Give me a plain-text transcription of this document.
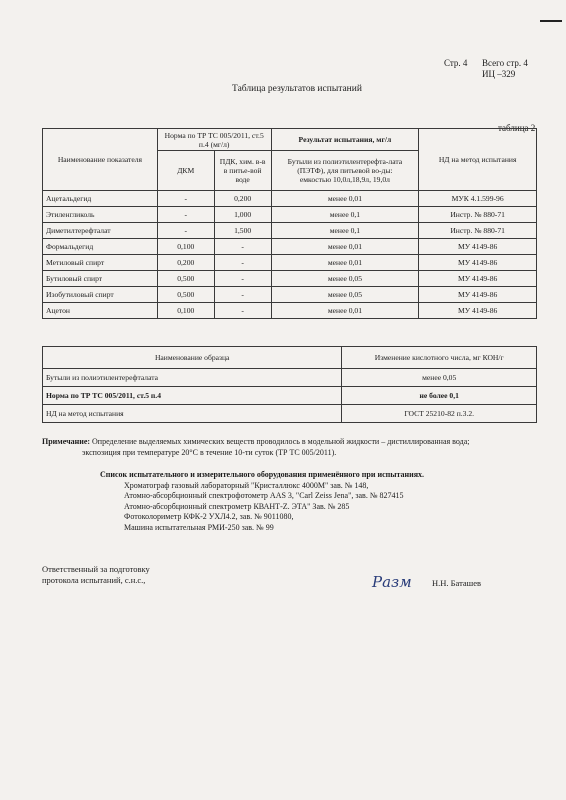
Стр. 4 Всего стр. 4
ИЦ –329
Таблица результатов испытаний
таблица 2
Наименование показателя	Норма по ТР ТС 005/2011, ст.5 п.4 (мг/л)		Результат испытания, мг/л	НД на метод испытания
	ДКМ	ПДК, хим. в-в в питье-вой воде	Бутыли из полиэтилентерефта-лата (ПЭТФ), для питьевой во-ды:
емкостью 10,0л,18,9л, 19,0л	
Ацетальдегид	-	0,200	менее 0,01	МУК 4.1.599-96
Этиленгликоль	-	1,000	менее 0,1	Инстр. № 880-71
Диметилтерефталат	-	1,500	менее 0,1	Инстр. № 880-71
Формальдегид	0,100	-	менее 0,01	МУ 4149-86
Метиловый спирт	0,200	-	менее 0,01	МУ 4149-86
Бутиловый спирт	0,500	-	менее 0,05	МУ 4149-86
Изобутиловый спирт	0,500	-	менее 0,05	МУ 4149-86
Ацетон	0,100	-	менее 0,01	МУ 4149-86
Наименование образца	Изменение кислотного числа, мг КОН/г
Бутыли из полиэтилентерефталата	менее 0,05
Норма по ТР ТС 005/2011, ст.5 п.4	не более 0,1
НД на метод испытания	ГОСТ 25210-82 п.3.2.
Примечание: Определение выделяемых химических веществ проводилось в модельной жидкости – дистиллированная вода;
экспозиция при температуре 20°С в течение 10-ти суток (ТР ТС 005/2011).
Список испытательного и измерительного оборудования применённого при испытаниях.
Хроматограф газовый лабораторный "Кристаллюкс 4000М" зав. № 148,
Атомно-абсорбционный спектрофотометр AAS 3, "Carl Zeiss Jena", зав. № 827415
Атомно-абсорбционный спектрометр КВАНТ-Z. ЭТА" Зав. № 285
Фотоколориметр КФК-2 УХЛ4.2, зав. № 9011080,
Машина испытательная РМИ-250 зав. № 99
Ответственный за подготовку
протокола испытаний, с.н.с.,	Разм Н.Н. Баташев
